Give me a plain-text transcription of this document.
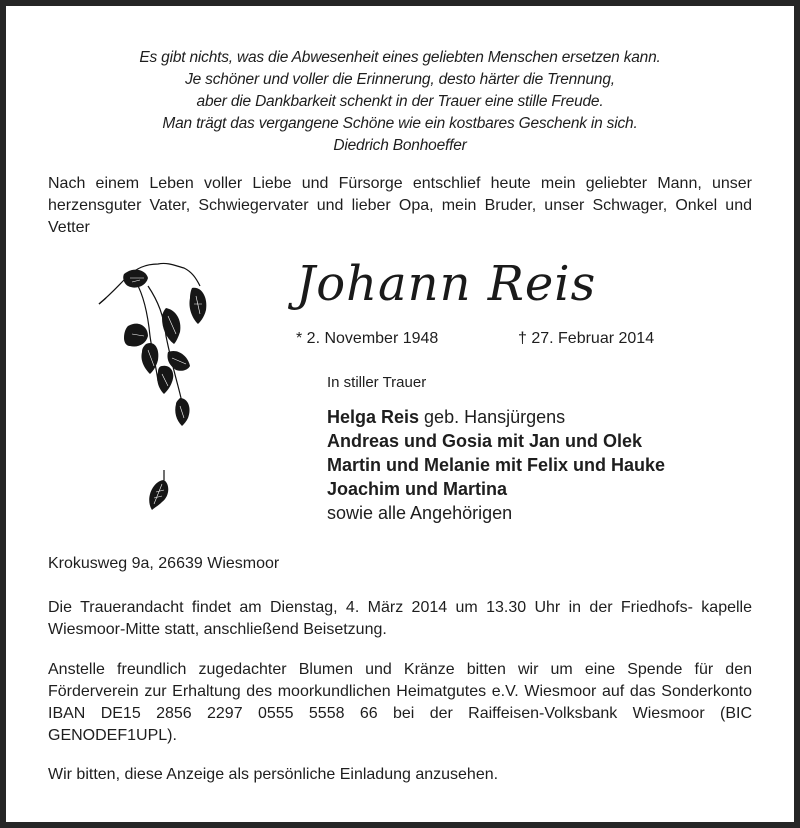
Es gibt nichts, was die Abwesenheit eines geliebten Menschen ersetzen kann.
Je schöner und voller die Erinnerung, desto härter die Trennung,
aber die Dankbarkeit schenkt in der Trauer eine stille Freude.
Man trägt das vergangene Schöne wie ein kostbares Geschenk in sich.
Diedrich Bonhoeffer

Nach einem Leben voller Liebe und Fürsorge entschlief heute mein geliebter Mann, unser herzensguter Vater, Schwiegervater und lieber Opa, mein Bruder, unser Schwager, Onkel und Vetter

Johann Reis
* 2. November 1948	† 27. Februar 2014
In stiller Trauer
Helga Reis geb. Hansjürgens
Andreas und Gosia mit Jan und Olek
Martin und Melanie mit Felix und Hauke
Joachim und Martina
sowie alle Angehörigen
Krokusweg 9a, 26639 Wiesmoor

Die Trauerandacht findet am Dienstag, 4. März 2014 um 13.30 Uhr in der Friedhofs- kapelle Wiesmoor-Mitte statt, anschließend Beisetzung.

Anstelle freundlich zugedachter Blumen und Kränze bitten wir um eine Spende für den Förderverein zur Erhaltung des moorkundlichen Heimatgutes e.V. Wiesmoor auf das Sonderkonto IBAN DE15 2856 2297 0555 5558 66 bei der Raiffeisen-Volksbank Wiesmoor (BIC GENODEF1UPL).

Wir bitten, diese Anzeige als persönliche Einladung anzusehen.
